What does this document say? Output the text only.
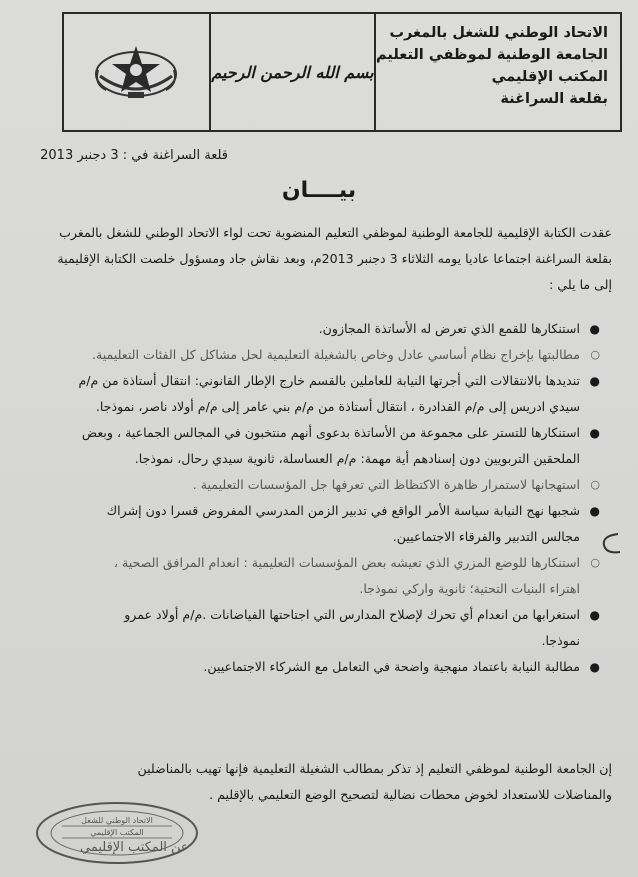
بسم الله الرحمن الرحيم
الاتحاد الوطني للشغل بالمغرب
الجامعة الوطنية لموظفي التعليم
المكتب الإقليمي
بقلعة السراغنة
قلعة السراغنة في : 3 دجنبر 2013
بيــــان

عقدت الكتابة الإقليمية للجامعة الوطنية لموظفي التعليم المنضوية تحت لواء الاتحاد الوطني للشغل بالمغرب

بقلعة السراغنة اجتماعا عاديا يومه الثلاثاء 3 دجنبر 2013م، وبعد نقاش جاد ومسؤول خلصت الكتابة الإقليمية

إلى ما يلي :

●

استنكارها للقمع الذي تعرض له الأساتذة المجازون.

○

مطالبتها بإخراج نظام أساسي عادل وخاص بالشغيلة التعليمية لحل مشاكل كل الفئات التعليمية.

●

تنديدها بالانتقالات التي أجرتها النيابة للعاملين بالقسم خارج الإطار القانوني: انتقال أستاذة من م/م

سيدي ادريس إلى م/م القدادرة ، انتقال أستاذة من م/م بني عامر إلى م/م أولاد ناصر، نموذجا.

●

استنكارها للتستر على مجموعة من الأساتذة بدعوى أنهم منتخبون في المجالس الجماعية ، وبعض

الملحقين التربويين دون إسنادهم أية مهمة: م/م العساسلة، ثانوية سيدي رحال، نموذجا.

○

استهجانها لاستمرار ظاهرة الاكتظاظ التي تعرفها جل المؤسسات التعليمية .

●

شجبها نهج النيابة سياسة الأمر الواقع في تدبير الزمن المدرسي المفروض قسرا دون إشراك

مجالس التدبير والفرقاء الاجتماعيين.

○

استنكارها للوضع المزري الذي تعيشه بعض المؤسسات التعليمية : انعدام المرافق الصحية ،

اهتراء البنيات التحتية؛ ثانوية واركي نموذجا.

●

استغرابها من انعدام أي تحرك لإصلاح المدارس التي اجتاحتها الفياضانات .م/م أولاد عمرو

نموذجا.

●

مطالبة النيابة باعتماد منهجية واضحة في التعامل مع الشركاء الاجتماعيين.

إن الجامعة الوطنية لموظفي التعليم إذ تذكر بمطالب الشغيلة التعليمية فإنها تهيب بالمناضلين

والمناضلات للاستعداد لخوض محطات نضالية لتصحيح الوضع التعليمي بالإقليم .

الاتحاد الوطني للشغل
المكتب الإقليمي
عن المكتب الإقليمي
